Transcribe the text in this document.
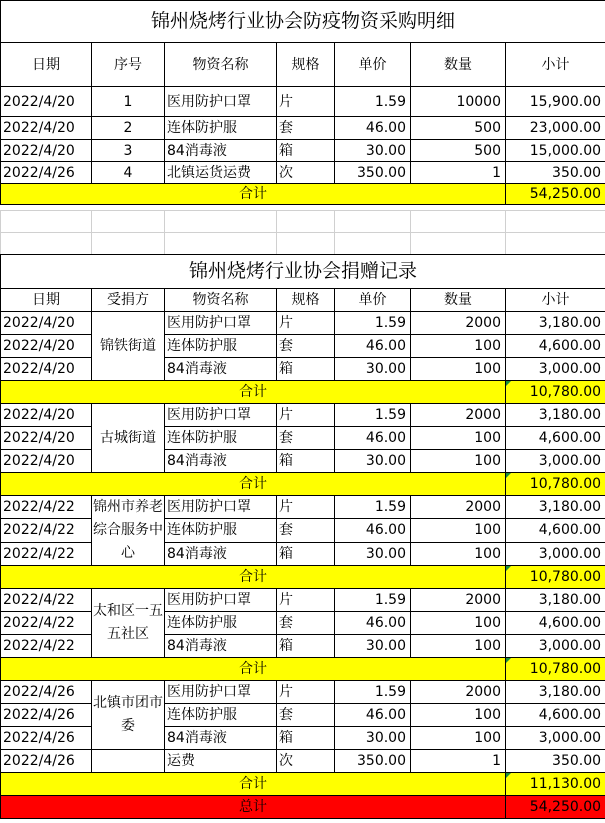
锦州烧烤行业协会防疫物资采购明细						
日期	序号	物资名称	规格	单价	数量	小计
2022/4/20	1	医用防护口罩	片	1.59	10000	15,900.00
2022/4/20	2	连体防护服	套	46.00	500	23,000.00
2022/4/20	3	84消毒液	箱	30.00	500	15,000.00
2022/4/26	4	北镇运货运费	次	350.00	1	350.00
合计						54,250.00

锦州烧烤行业协会捐赠记录						
日期	受捐方	物资名称	规格	单价	数量	小计
2022/4/20	锦铁街道	医用防护口罩	片	1.59	2000	3,180.00
2022/4/20		连体防护服	套	46.00	100	4,600.00
2022/4/20		84消毒液	箱	30.00	100	3,000.00
合计						10,780.00
2022/4/20	古城街道	医用防护口罩	片	1.59	2000	3,180.00
2022/4/20		连体防护服	套	46.00	100	4,600.00
2022/4/20		84消毒液	箱	30.00	100	3,000.00
合计						10,780.00
2022/4/22	锦州市养老综合服务中心	医用防护口罩	片	1.59	2000	3,180.00
2022/4/22		连体防护服	套	46.00	100	4,600.00
2022/4/22		84消毒液	箱	30.00	100	3,000.00
合计						10,780.00
2022/4/22	太和区一五五社区	医用防护口罩	片	1.59	2000	3,180.00
2022/4/22		连体防护服	套	46.00	100	4,600.00
2022/4/22		84消毒液	箱	30.00	100	3,000.00
合计						10,780.00
2022/4/26	北镇市团市委	医用防护口罩	片	1.59	2000	3,180.00
2022/4/26		连体防护服	套	46.00	100	4,600.00
2022/4/26		84消毒液	箱	30.00	100	3,000.00
2022/4/26		运费	次	350.00	1	350.00
合计						11,130.00
总计						54,250.00
